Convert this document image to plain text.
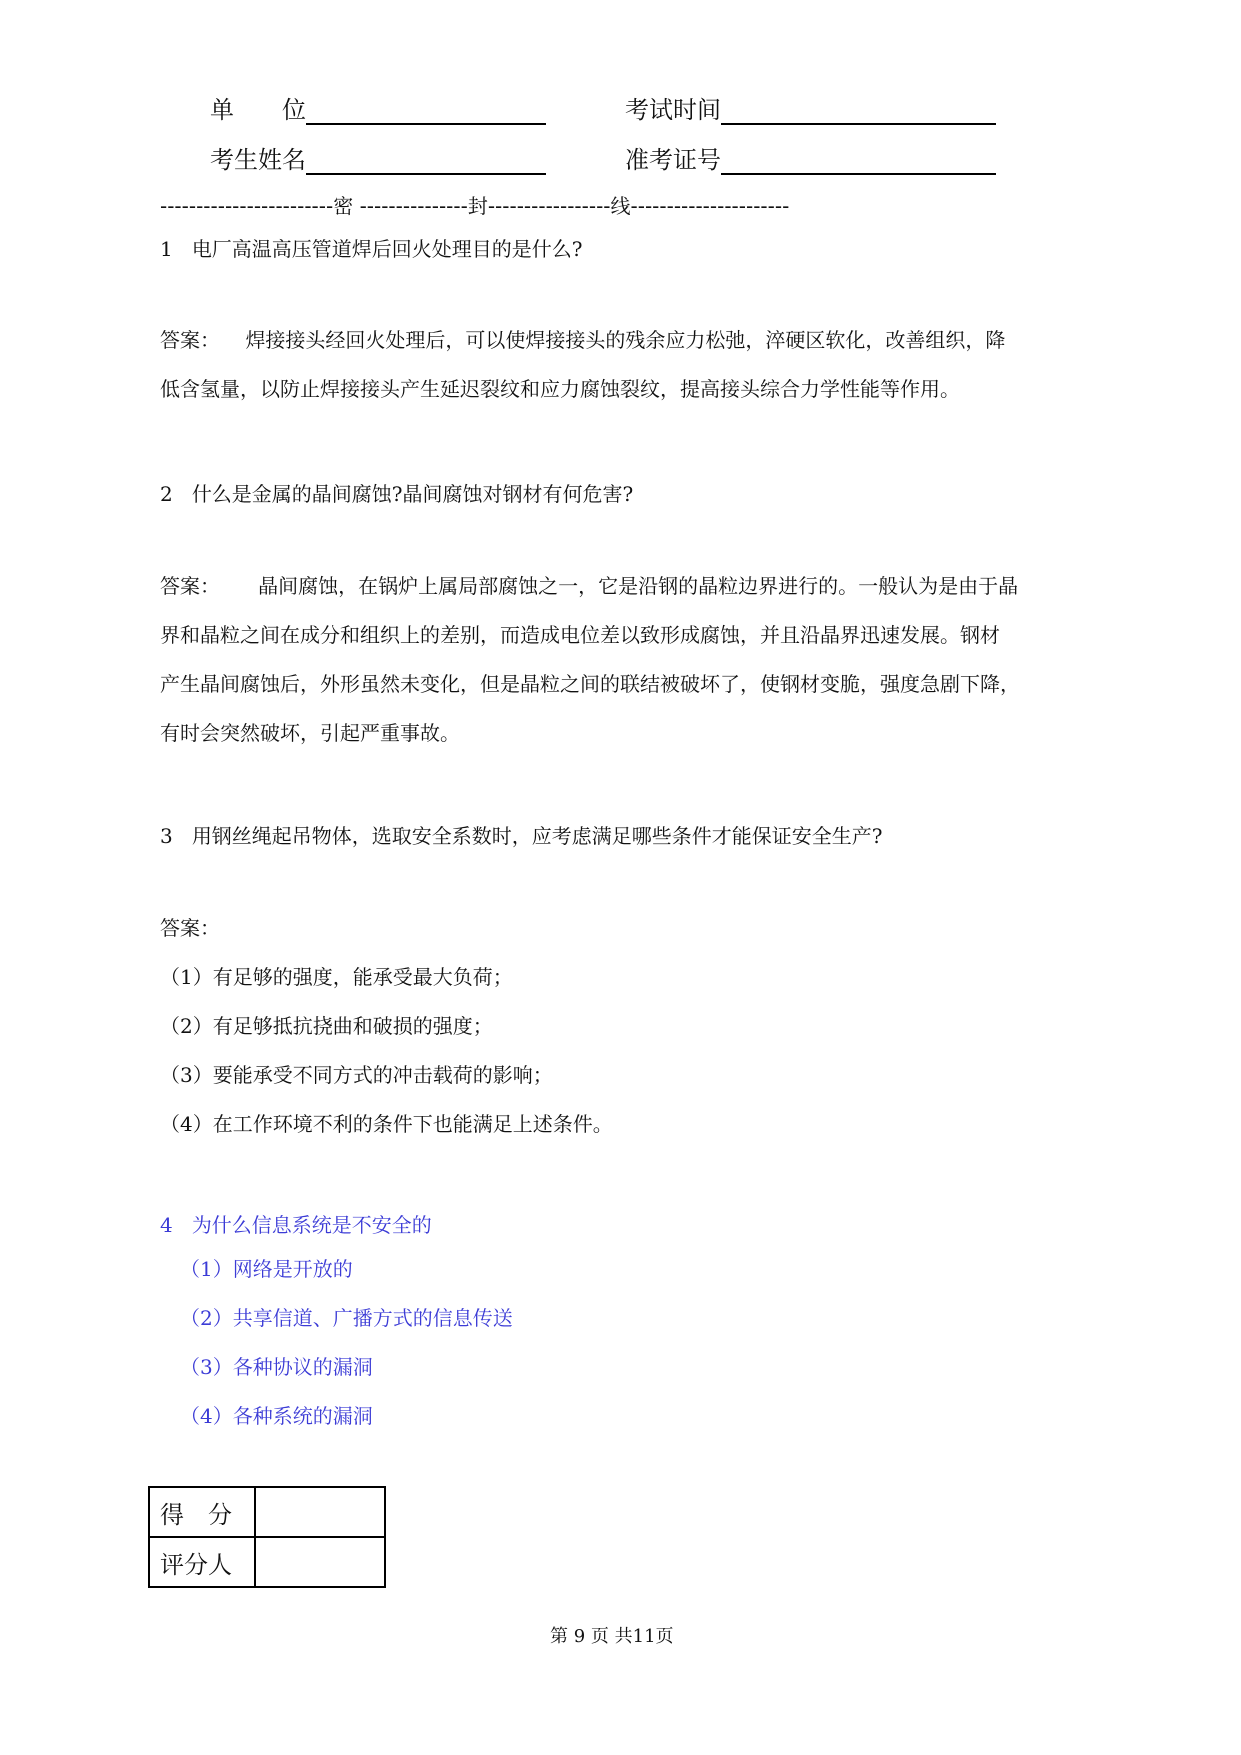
单　　位	考试时间
考生姓名	准考证号
------------------------密 ---------------封-----------------线----------------------
1 电厂高温高压管道焊后回火处理目的是什么?
答案： 焊接接头经回火处理后，可以使焊接接头的残余应力松弛，淬硬区软化，改善组织，降
低含氢量，以防止焊接接头产生延迟裂纹和应力腐蚀裂纹，提高接头综合力学性能等作用。
2 什么是金属的晶间腐蚀?晶间腐蚀对钢材有何危害?
答案： 晶间腐蚀，在锅炉上属局部腐蚀之一，它是沿钢的晶粒边界进行的。一般认为是由于晶
界和晶粒之间在成分和组织上的差别，而造成电位差以致形成腐蚀，并且沿晶界迅速发展。钢材
产生晶间腐蚀后，外形虽然未变化，但是晶粒之间的联结被破坏了，使钢材变脆，强度急剧下降，
有时会突然破坏，引起严重事故。
3 用钢丝绳起吊物体，选取安全系数时，应考虑满足哪些条件才能保证安全生产?
答案：
（1）有足够的强度，能承受最大负荷；
（2）有足够抵抗挠曲和破损的强度；
（3）要能承受不同方式的冲击载荷的影响；
（4）在工作环境不利的条件下也能满足上述条件。
4 为什么信息系统是不安全的
（1）网络是开放的
（2）共享信道、广播方式的信息传送
（3）各种协议的漏洞
（4）各种系统的漏洞
得　分	
评分人	
第 9 页 共11页
